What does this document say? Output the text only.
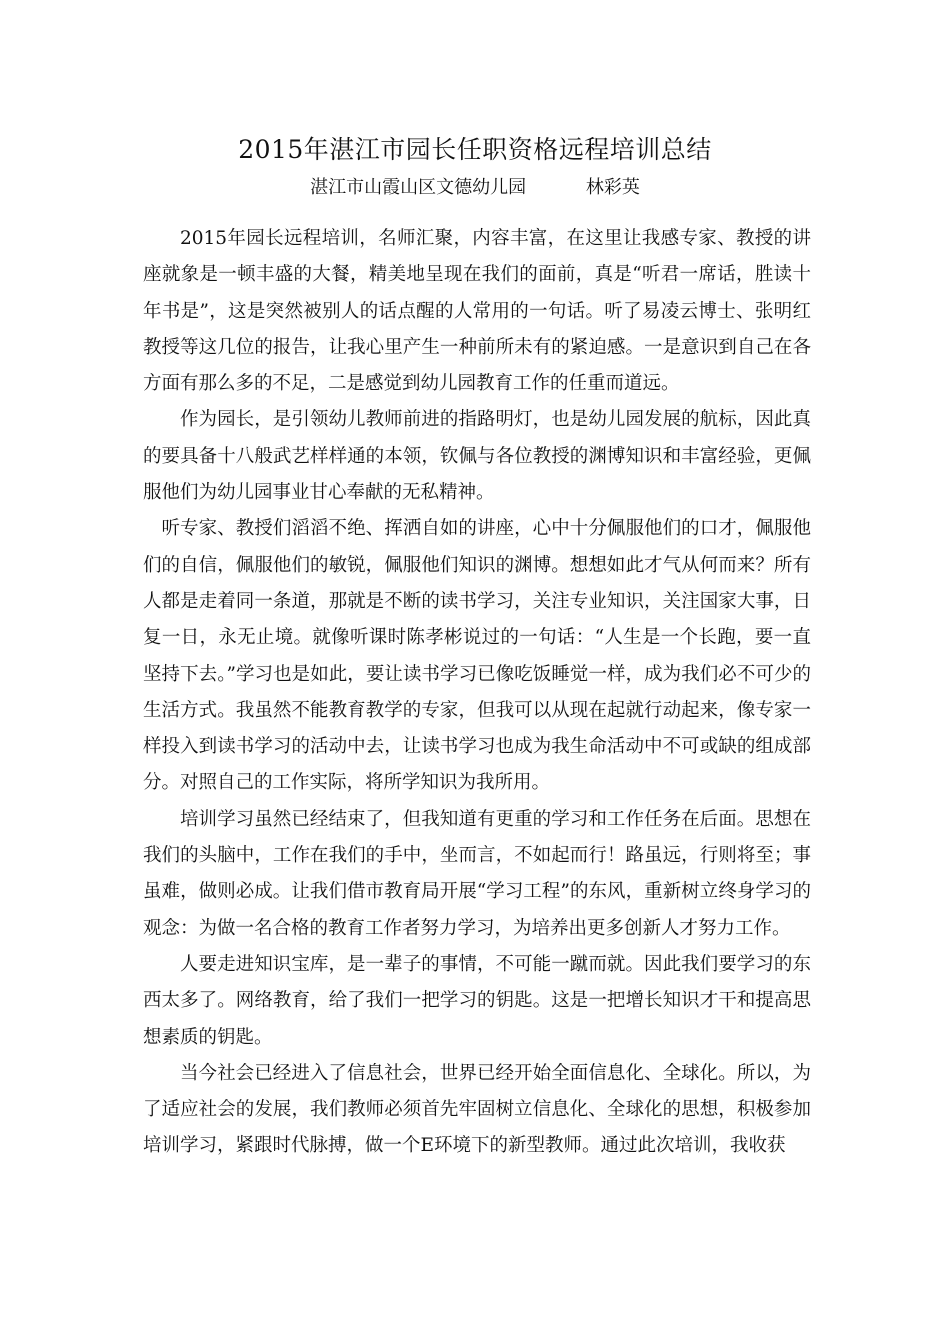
2015年湛江市园长任职资格远程培训总结
湛江市山霞山区文德幼儿园	林彩英

2015年园长远程培训，名师汇聚，内容丰富，在这里让我感专家、教授的讲座就象是一顿丰盛的大餐，精美地呈现在我们的面前，真是“听君一席话，胜读十年书是”，这是突然被别人的话点醒的人常用的一句话。听了易凌云博士、张明红教授等这几位的报告，让我心里产生一种前所未有的紧迫感。一是意识到自己在各方面有那么多的不足，二是感觉到幼儿园教育工作的任重而道远。

作为园长，是引领幼儿教师前进的指路明灯，也是幼儿园发展的航标，因此真的要具备十八般武艺样样通的本领，钦佩与各位教授的渊博知识和丰富经验，更佩服他们为幼儿园事业甘心奉献的无私精神。

听专家、教授们滔滔不绝、挥洒自如的讲座，心中十分佩服他们的口才，佩服他们的自信，佩服他们的敏锐，佩服他们知识的渊博。想想如此才气从何而来？所有人都是走着同一条道，那就是不断的读书学习，关注专业知识，关注国家大事，日复一日，永无止境。就像听课时陈孝彬说过的一句话：“人生是一个长跑，要一直坚持下去。”学习也是如此，要让读书学习已像吃饭睡觉一样，成为我们必不可少的生活方式。我虽然不能教育教学的专家，但我可以从现在起就行动起来，像专家一样投入到读书学习的活动中去，让读书学习也成为我生命活动中不可或缺的组成部分。对照自己的工作实际，将所学知识为我所用。

培训学习虽然已经结束了，但我知道有更重的学习和工作任务在后面。思想在我们的头脑中，工作在我们的手中，坐而言，不如起而行！路虽远，行则将至；事虽难，做则必成。让我们借市教育局开展“学习工程”的东风，重新树立终身学习的观念：为做一名合格的教育工作者努力学习，为培养出更多创新人才努力工作。

人要走进知识宝库，是一辈子的事情，不可能一蹴而就。因此我们要学习的东西太多了。网络教育，给了我们一把学习的钥匙。这是一把增长知识才干和提高思想素质的钥匙。

当今社会已经进入了信息社会，世界已经开始全面信息化、全球化。所以，为了适应社会的发展，我们教师必须首先牢固树立信息化、全球化的思想，积极参加培训学习，紧跟时代脉搏，做一个E环境下的新型教师。通过此次培训，我收获
